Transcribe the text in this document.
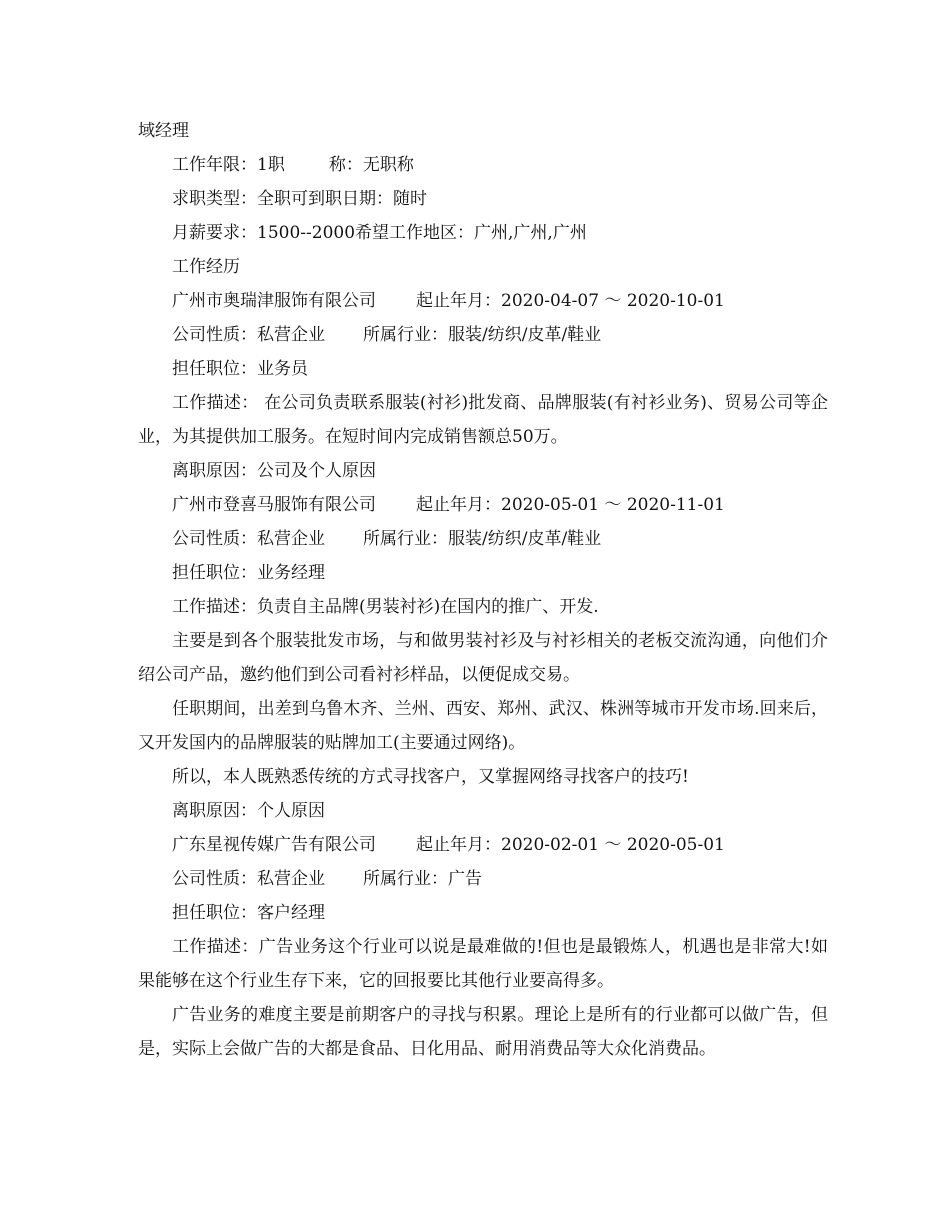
域经理

工作年限：1职	称：无职称

求职类型：全职可到职日期：随时

月薪要求：1500--2000希望工作地区：广州,广州,广州

工作经历

广州市奥瑞津服饰有限公司 起止年月：2020-04-07 ～ 2020-10-01

公司性质：私营企业 所属行业：服装/纺织/皮革/鞋业

担任职位：业务员

工作描述： 在公司负责联系服装(衬衫)批发商、品牌服装(有衬衫业务)、贸易公司等企业，为其提供加工服务。在短时间内完成销售额总50万。

离职原因：公司及个人原因

广州市登喜马服饰有限公司 起止年月：2020-05-01 ～ 2020-11-01

公司性质：私营企业 所属行业：服装/纺织/皮革/鞋业

担任职位：业务经理

工作描述：负责自主品牌(男装衬衫)在国内的推广、开发.

主要是到各个服装批发市场，与和做男装衬衫及与衬衫相关的老板交流沟通，向他们介绍公司产品，邀约他们到公司看衬衫样品，以便促成交易。

任职期间，出差到乌鲁木齐、兰州、西安、郑州、武汉、株洲等城市开发市场.回来后，又开发国内的品牌服装的贴牌加工(主要通过网络)。

所以，本人既熟悉传统的方式寻找客户，又掌握网络寻找客户的技巧!

离职原因：个人原因

广东星视传媒广告有限公司 起止年月：2020-02-01 ～ 2020-05-01

公司性质：私营企业 所属行业：广告

担任职位：客户经理

工作描述：广告业务这个行业可以说是最难做的!但也是最锻炼人，机遇也是非常大!如果能够在这个行业生存下来，它的回报要比其他行业要高得多。

广告业务的难度主要是前期客户的寻找与积累。理论上是所有的行业都可以做广告，但是，实际上会做广告的大都是食品、日化用品、耐用消费品等大众化消费品。
